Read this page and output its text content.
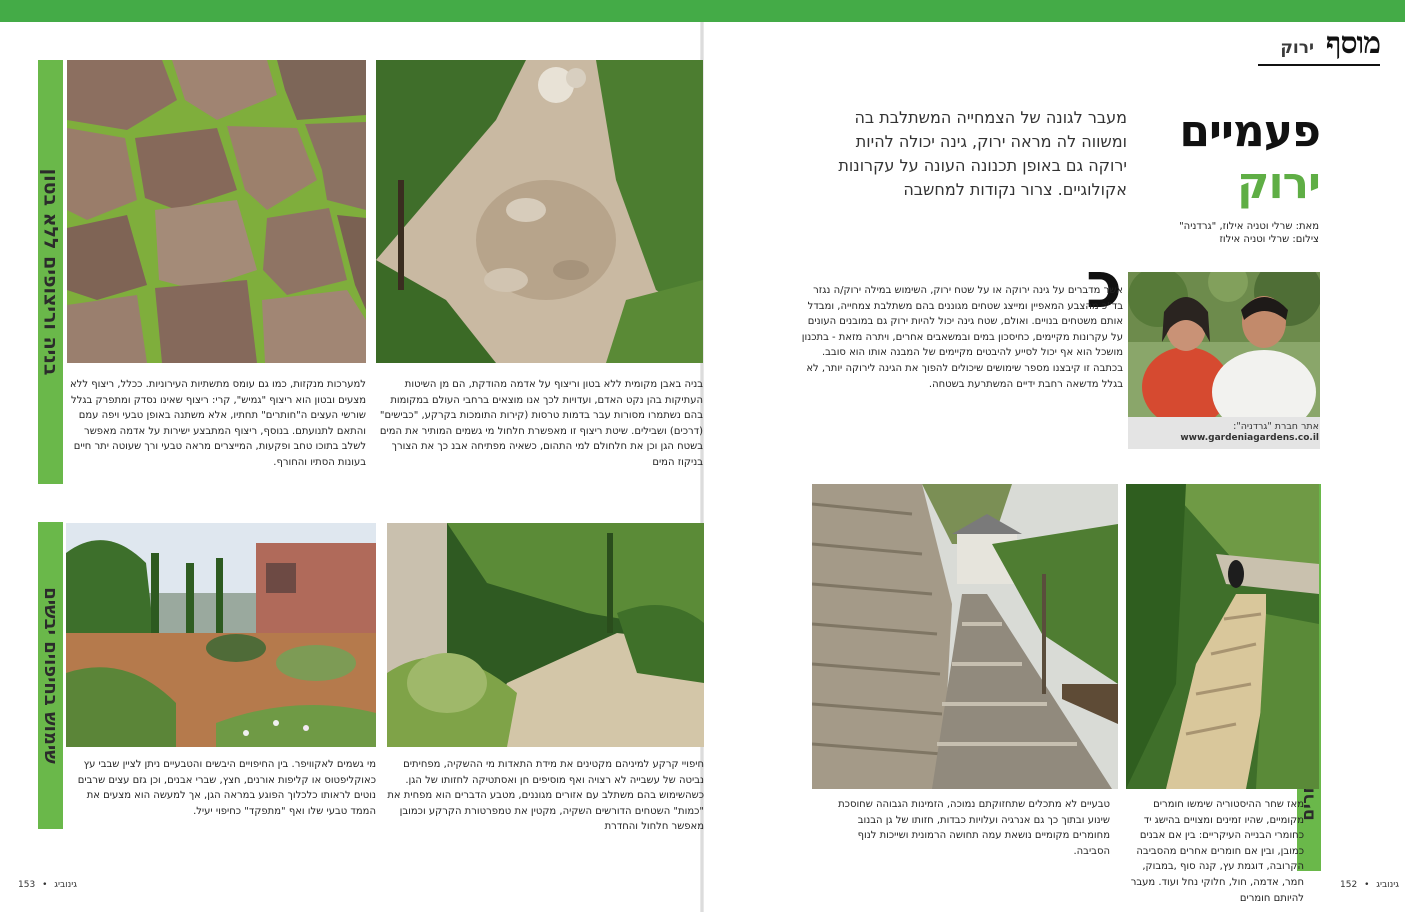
מוסף
ירוק
פעמיים
ירוק

מעבר לגונה של הצמחייה המשתלבת בה ומשווה לה מראה ירוק, גינה יכולה להיות ירוקה גם באופן תכנונה העונה על עקרונות אקולוגיים. צרור נקודות למחשבה

מאת: שרלי וטניה אילוז, "גרדניה"
צילום: שרלי וטניה אילוז
כ

אשר מדברים על גינה ירוקה או על שטח ירוק, השימוש במילה ירוק/ה נגזר בד"כ מהצבע המאפיין ומייצג שטחים מגוננים בהם משתלבת צמחייה, ומבדל אותם משטחים בנויים. ואולם, שטח גינה יכול להיות ירוק גם במובנים העונים על עקרונות מקיימים, כחיסכון במים ובמשאבים אחרים, ויתרה מזאת - בתכנון מושכל הוא אף יכול לסייע להיבטים מקיימים של המבנה אותו הוא סובב. בכתבה זו קיבצנו מספר שימושים שיכולים להפוך את הגינה לירוקה יותר, לא בגלל מדשאה רחבת ידיים המשתרעת בשטחה.

אתר חברת "גרדניה":
www.gardeniagardens.co.il
בניה וריצופים ללא בטון

בניה באבן מקומית ללא בטון וריצוף על אדמה מהודקת, הם מן השיטות העתיקות בהן נקט האדם, ועדויות לכך אנו מוצאים ברחבי העולם במקומות בהם נשתמרו מסורות עבר בדמות טרסות (קירות התומכות בקרקע, "כבישים" (דרכים) ושבילים. שיטת ריצוף זו מאפשרת חלחול מי גשמים המותיר את המים בשטח הגן וכן את חלחולם למי התהום, כשאיה מפתיחה אבנ כך את הצורך בניקוז המים

למערכות מנקזות, כמו גם עומס מתשתיות העירוניות. ככלל, ריצוף ללא מצעים ובטון הוא ריצוף "גמיש", קרי: ריצוף שאינו נסדק ומתפרק בגלל שורשי העצים ה"חותרים" תחתיו, אלא משתנה באופן טבעי ויפה עמם והתאם לתנועתם. בנוסף, ריצוף המתבצע ישירות על אדמה מאפשר לשלב בתוכו טחב ופקעות, המייצרים מראה טבעי ורך שעוטה יתר חיים בעונות הסתיו והחורף.

שימוש בחיפוים יבשים

חיפויי קרקע למיניהם מקטינים את מידת התאדות מי ההשקיה, מפחיתים נביטה של עשבייה לא רצויה ואף מוסיפים חן ואסתטיקה לחזותו של הגן. כשהשימוש בהם משתלב עם אזורים מגוננים, מטבע הדברים הוא מפחית את "כמות" השטחים הדורשים השקיה, מקטין את טמפרטורת הקרקע וכמובן מאפשר חלחול והחדרת

מי גשמים לאקוויפר. בין החיפויים היבשים והטבעיים ניתן לציין שבבי עץ כאוקליפטוס או קליפות אורנים, חצץ, שברי אבנים, וכן גזם עצים שרבים נוטים לראותו כלכלוך הפוגע במראה הגן, אך למעשה הוא מצעים את הממד טבעי שלו ואף "מתפקד" כחיפוי יעיל.

מאז שחר ההיסטוריה שימשו חומרים מקומיים, שהיו זמינים ומצויים בהישג יד כחומרי הבנייה העיקריים: בין אם אבנים כמובן, ובין אם חומרים אחרים מהסביבה הקרובה, דוגמת עץ, קנה סוף ,במבוק, חמר, אדמה, חול, חלוקי נחל ועוד. מעבר להיותם חומרים

טבעיים לא מתכלים שתחזוקתם נמוכה, הזמינות הגבוהה שחוסכת שינוע ובתוך כך גם אנרגיה ועלויות כבדות, חזותו של גן הבנוב מחומרים מקומיים נושאת עמה תחושה הרמונית ושייכות לנוף הסביבה.

153 • גינוביג	גינוביג • 152
